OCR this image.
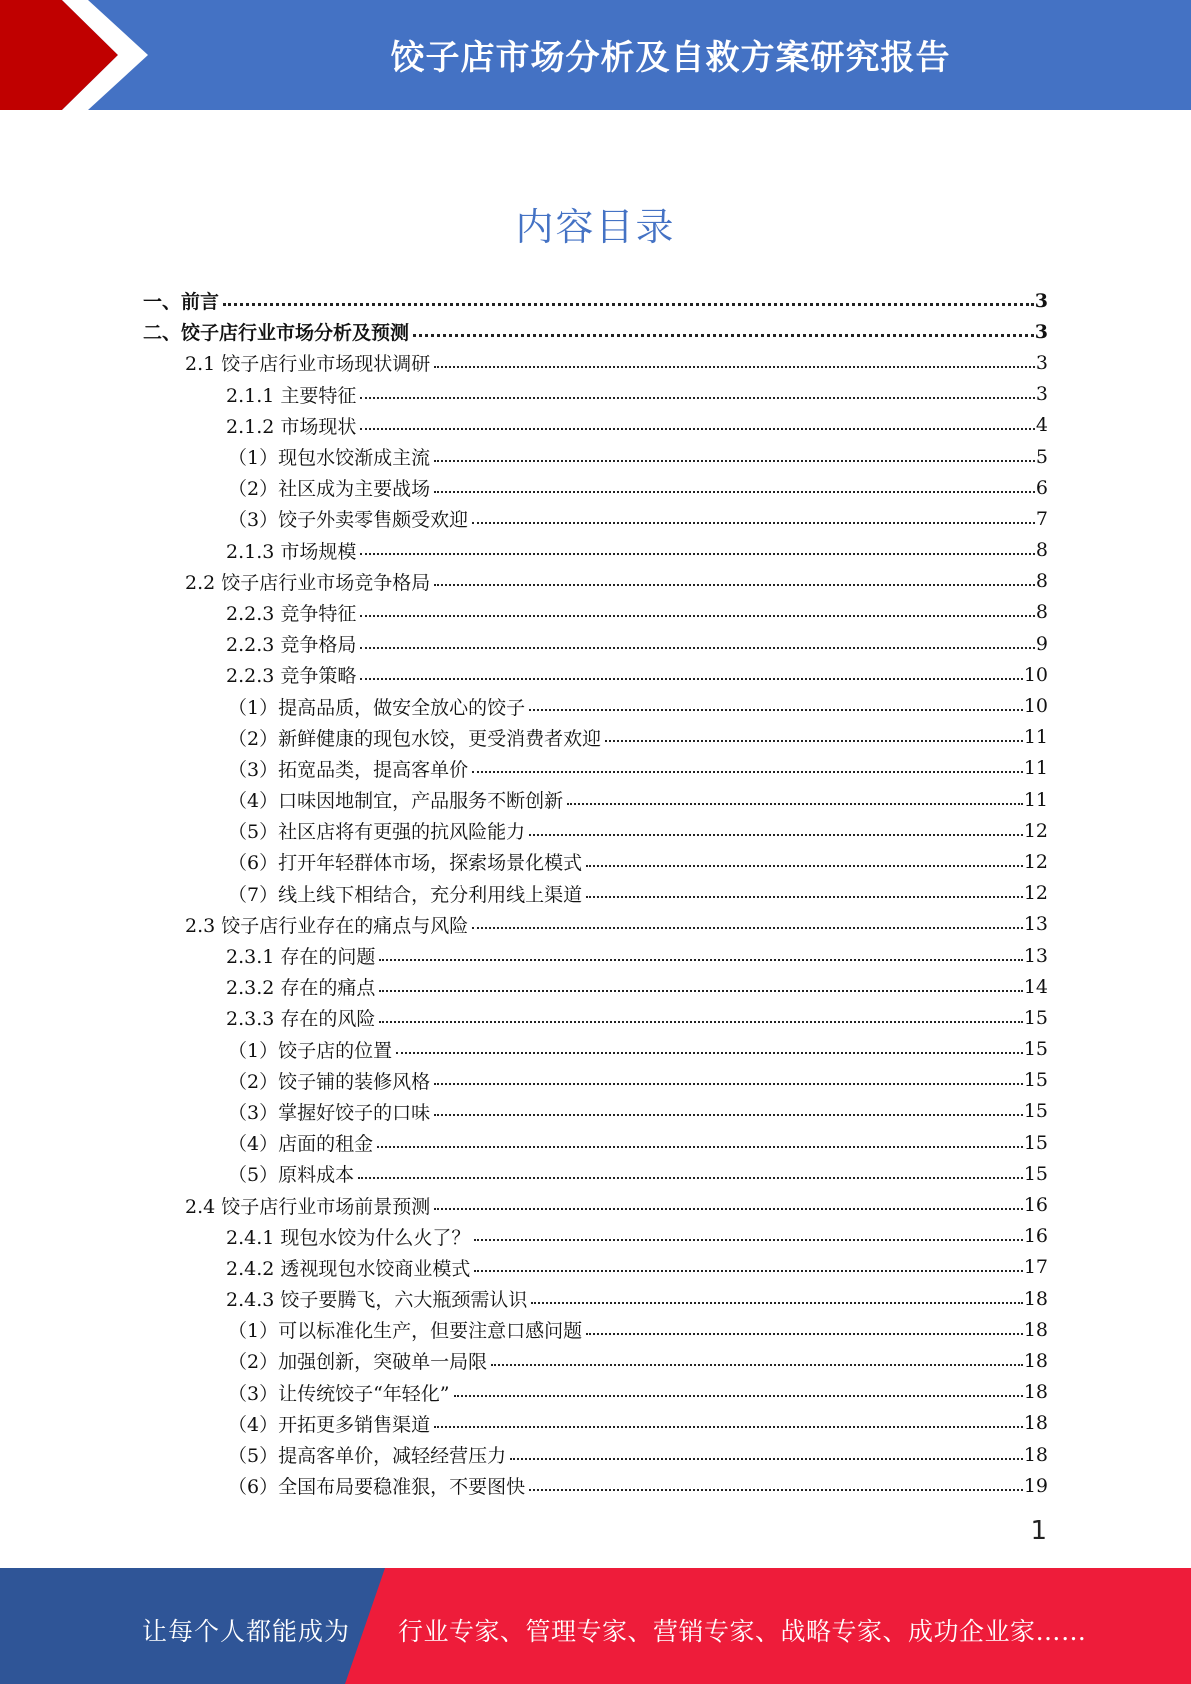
饺子店市场分析及自救方案研究报告
内容目录
一、前言	3
二、饺子店行业市场分析及预测	3
2.1 饺子店行业市场现状调研	3
2.1.1 主要特征	3
2.1.2 市场现状	4
（1）现包水饺渐成主流	5
（2）社区成为主要战场	6
（3）饺子外卖零售颇受欢迎	7
2.1.3 市场规模	8
2.2 饺子店行业市场竞争格局	8
2.2.3 竞争特征	8
2.2.3 竞争格局	9
2.2.3 竞争策略	10
（1）提高品质，做安全放心的饺子	10
（2）新鲜健康的现包水饺，更受消费者欢迎	11
（3）拓宽品类，提高客单价	11
（4）口味因地制宜，产品服务不断创新	11
（5）社区店将有更强的抗风险能力	12
（6）打开年轻群体市场，探索场景化模式	12
（7）线上线下相结合，充分利用线上渠道	12
2.3 饺子店行业存在的痛点与风险	13
2.3.1 存在的问题	13
2.3.2 存在的痛点	14
2.3.3 存在的风险	15
（1）饺子店的位置	15
（2）饺子铺的装修风格	15
（3）掌握好饺子的口味	15
（4）店面的租金	15
（5）原料成本	15
2.4 饺子店行业市场前景预测	16
2.4.1 现包水饺为什么火了？	16
2.4.2 透视现包水饺商业模式	17
2.4.3 饺子要腾飞，六大瓶颈需认识	18
（1）可以标准化生产，但要注意口感问题	18
（2）加强创新，突破单一局限	18
（3）让传统饺子“年轻化”	18
（4）开拓更多销售渠道	18
（5）提高客单价，减轻经营压力	18
（6）全国布局要稳准狠，不要图快	19
1
让每个人都能成为 行业专家、管理专家、营销专家、战略专家、成功企业家……
